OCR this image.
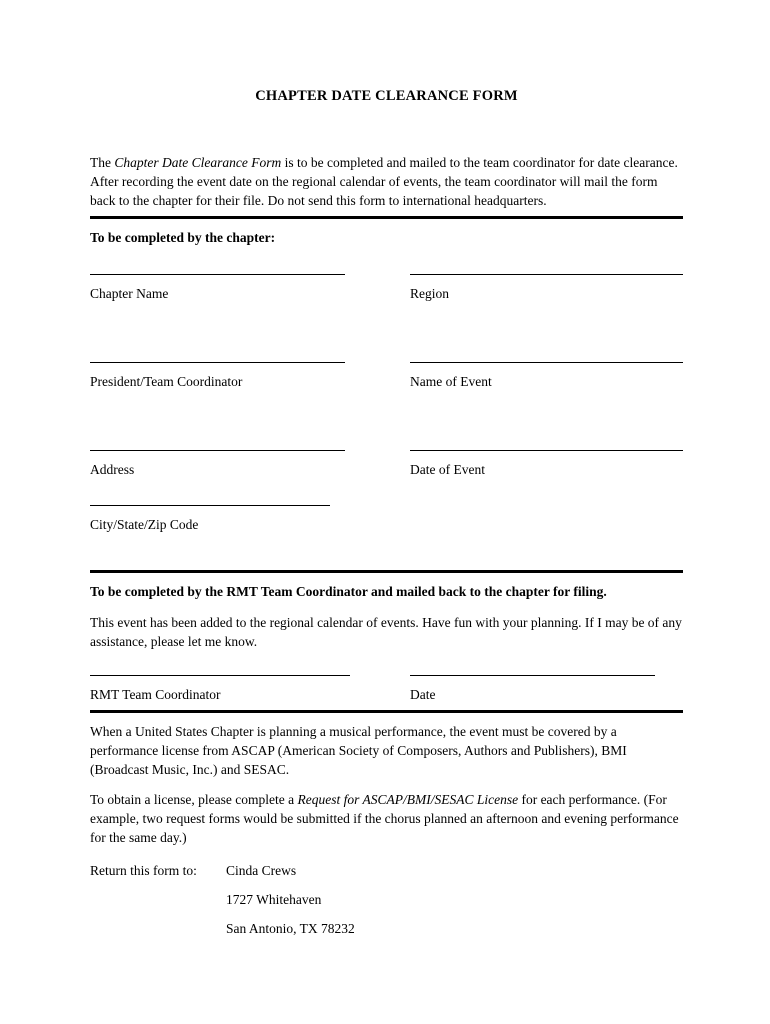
CHAPTER DATE CLEARANCE FORM

The Chapter Date Clearance Form is to be completed and mailed to the team coordinator for date clearance. After recording the event date on the regional calendar of events, the team coordinator will mail the form back to the chapter for their file. Do not send this form to international headquarters.

To be completed by the chapter:
Chapter Name	Region
President/Team Coordinator	Name of Event
Address	Date of Event
City/State/Zip Code
To be completed by the RMT Team Coordinator and mailed back to the chapter for filing.

This event has been added to the regional calendar of events. Have fun with your planning. If I may be of any assistance, please let me know.

RMT Team Coordinator	Date

When a United States Chapter is planning a musical performance, the event must be covered by a performance license from ASCAP (American Society of Composers, Authors and Publishers), BMI (Broadcast Music, Inc.) and SESAC.

To obtain a license, please complete a Request for ASCAP/BMI/SESAC License for each performance. (For example, two request forms would be submitted if the chorus planned an afternoon and evening performance for the same day.)

Return this form to:	Cinda Crews
1727 Whitehaven
San Antonio, TX 78232
